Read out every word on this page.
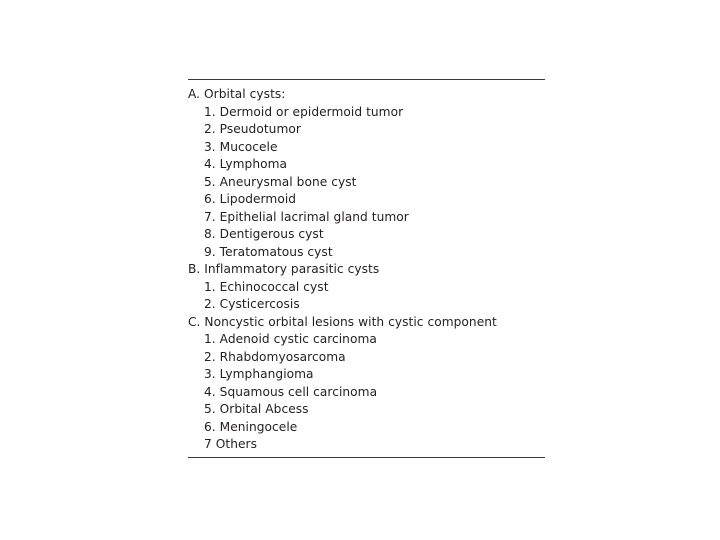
A. Orbital cysts:
1. Dermoid or epidermoid tumor
2. Pseudotumor
3. Mucocele
4. Lymphoma
5. Aneurysmal bone cyst
6. Lipodermoid
7. Epithelial lacrimal gland tumor
8. Dentigerous cyst
9. Teratomatous cyst
B. Inflammatory parasitic cysts
1. Echinococcal cyst
2. Cysticercosis
C. Noncystic orbital lesions with cystic component
1. Adenoid cystic carcinoma
2. Rhabdomyosarcoma
3. Lymphangioma
4. Squamous cell carcinoma
5. Orbital Abcess
6. Meningocele
7 Others
